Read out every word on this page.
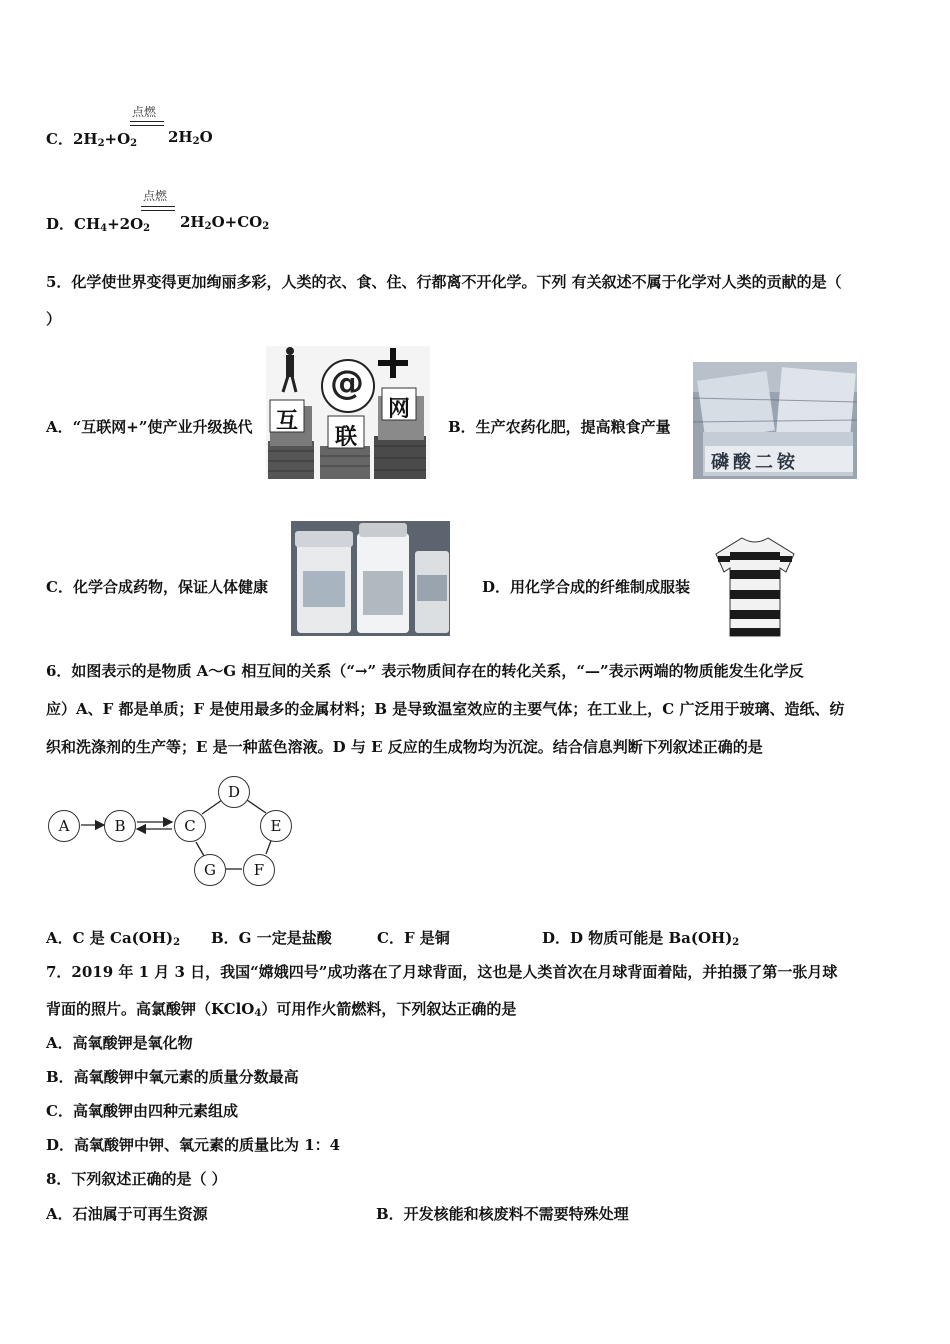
点燃
C．$2H_2+O_2$ $2H_2O$
点燃
D．$CH_4+2O_2$ $2H_2O+CO_2$
5．化学使世界变得更加绚丽多彩，人类的衣、食、住、行都离不开化学。下列 有关叙述不属于化学对人类的贡献的是（
）
A．“互联网+”使产业升级换代
@
互
联
网
B．生产农药化肥，提高粮食产量
磷酸二铵
C．化学合成药物，保证人体健康	D．用化学合成的纤维制成服装
6．如图表示的是物质 A～G 相互间的关系（“→” 表示物质间存在的转化关系，“—”表示两端的物质能发生化学反
应）A、F 都是单质；F 是使用最多的金属材料；B 是导致温室效应的主要气体；在工业上，C 广泛用于玻璃、造纸、纺
织和洗涤剂的生产等；E 是一种蓝色溶液。D 与 E 反应的生成物均为沉淀。结合信息判断下列叙述正确的是
A	B	C
D
E
F
G
A．C 是 $Ca(OH)_2$ B．G 一定是盐酸	C．F 是铜	D．D 物质可能是 $Ba(OH)_2$
7．2019 年 1 月 3 日，我国“嫦娥四号”成功落在了月球背面，这也是人类首次在月球背面着陆，并拍摄了第一张月球
背面的照片。高氯酸钾（KClO$_4$）可用作火箭燃料，下列叙达正确的是
A．高氧酸钾是氧化物
B．高氧酸钾中氧元素的质量分数最高
C．高氧酸钾由四种元素组成
D．高氧酸钾中钾、氧元素的质量比为 1：4
8．下列叙述正确的是（ ）
A．石油属于可再生资源	B．开发核能和核废料不需要特殊处理
